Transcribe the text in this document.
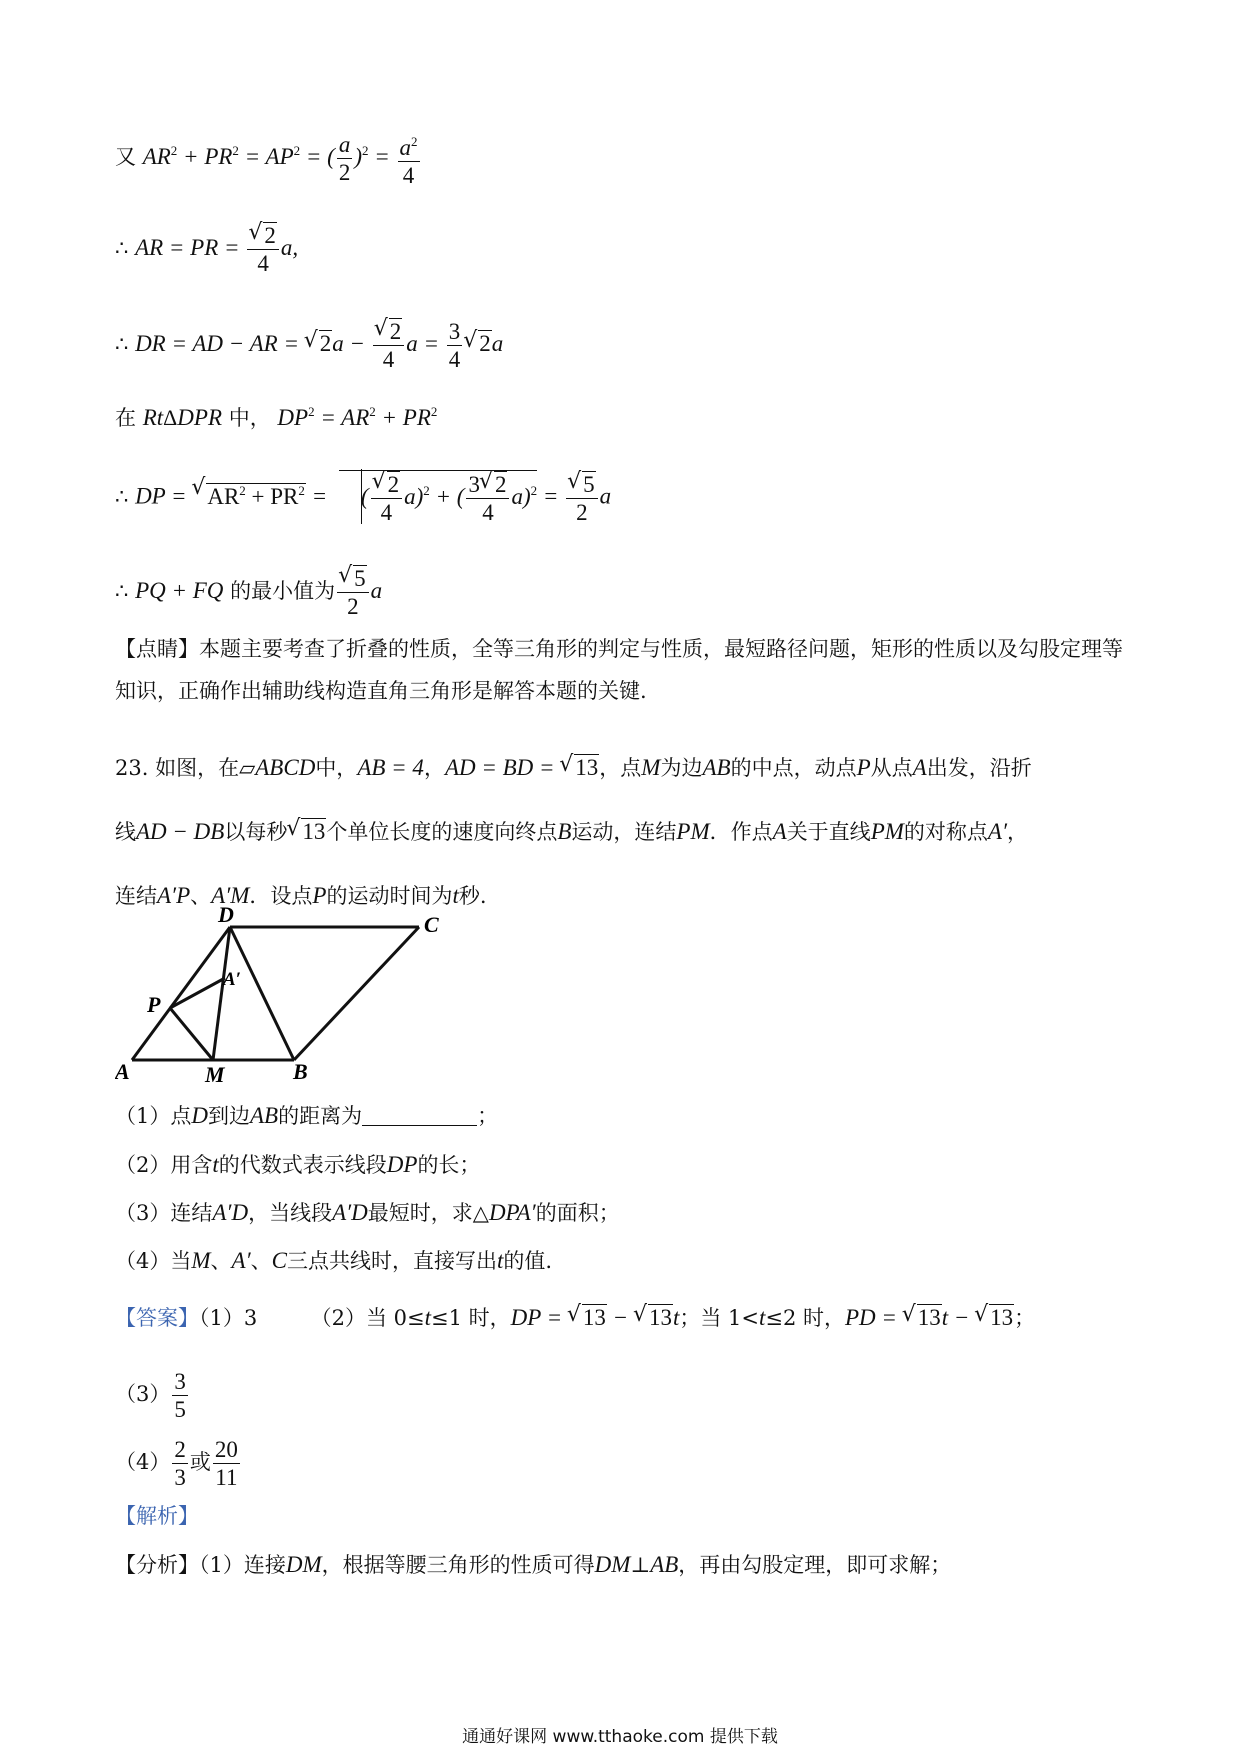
又 $AR^2 + PR^2 = AP^2$ = ( $\frac{a}{2} )^2 = \frac{a^2}{4}$
∴ AR = PR = √ $\frac{2}{4} a$,
∴ DR = AD − AR = √ 2a − √ $\frac{2}{4}$ $a = \frac{3}{4}$ √ 2a
在 RtΔDPR 中， $DP^2 = AR^2 + PR^2$
∴ DP = √ $AR^2 + PR^2$ = ( √ $\frac{2}{4} a)^2$ + ( $\frac{3 √ 2}{4} a)^2$ = √ $\frac{5}{2}$ a
∴ PQ + FQ 的最小值为 √ $\frac{5}{2}$ a
【点睛】本题主要考查了折叠的性质，全等三角形的判定与性质，最短路径问题，矩形的性质以及勾股定理等知识，正确作出辅助线构造直角三角形是解答本题的关键.
23. 如图，在▱ABCD中，AB = 4，AD = BD = √ 13，点M为边AB的中点，动点P从点A出发，沿折
线AD − DB以每秒 √ 13个单位长度的速度向终点B运动，连结PM．作点A关于直线PM的对称点A′，
连结A′P、A′M．设点P的运动时间为t秒.
D	C
A′
P
A	M	B
（1）点D到边AB的距离为	；
（2）用含t的代数式表示线段DP的长；
（3）连结A′D，当线段A′D最短时，求△DPA′的面积；
（4）当M、A′、C三点共线时，直接写出t的值.
【答案】（1）3	（2）当 0≤t≤1 时，DP = √ 13 − √ 13t；当 1<t≤2 时，PD = √ 13t − √ 13；
$(3) \frac{3}{5}$
$(4) \frac{2}{3}$ 或 $\frac{20}{11}$
【解析】
【分析】（1）连接DM，根据等腰三角形的性质可得DM⊥AB，再由勾股定理，即可求解；
通通好课网 www.tthaoke.com 提供下载
